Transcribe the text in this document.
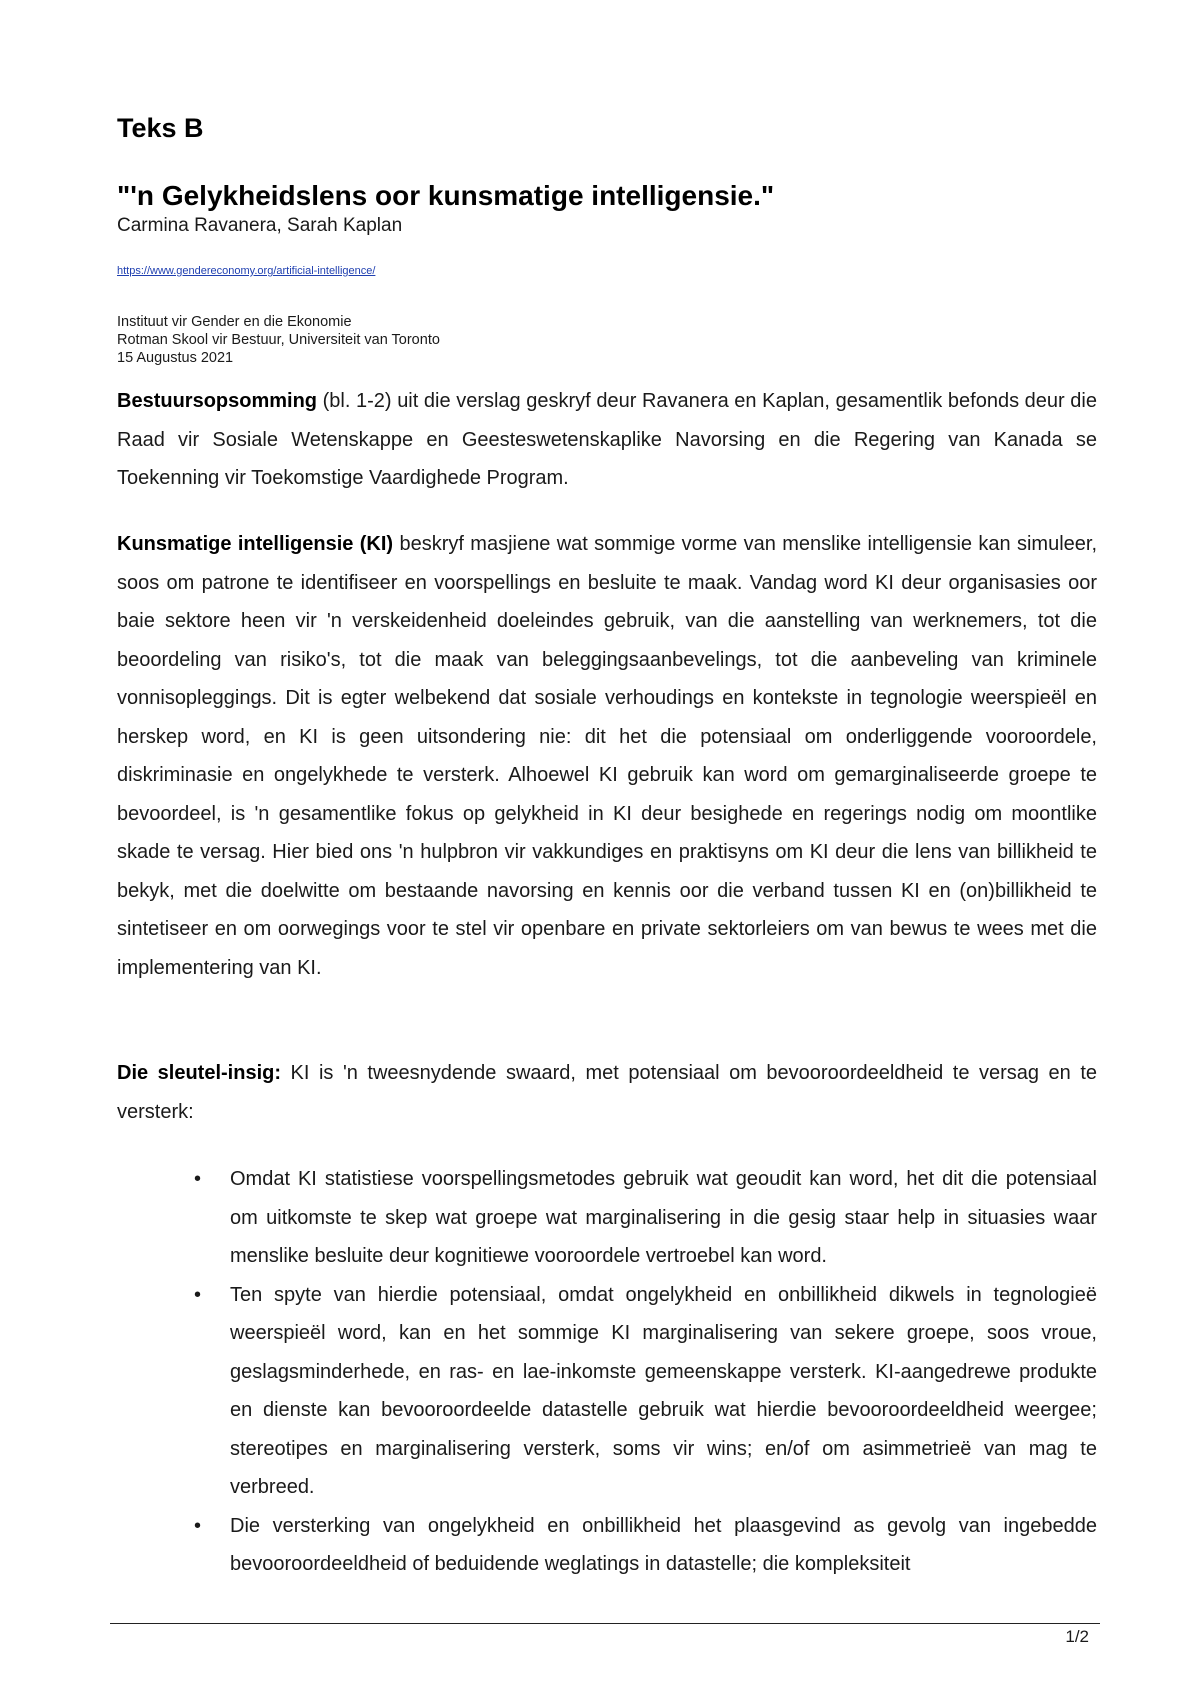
Teks B
"'n Gelykheidslens oor kunsmatige intelligensie."
Carmina Ravanera, Sarah Kaplan
https://www.gendereconomy.org/artificial-intelligence/
Instituut vir Gender en die Ekonomie
Rotman Skool vir Bestuur, Universiteit van Toronto
15 Augustus 2021
Bestuursopsomming (bl. 1-2) uit die verslag geskryf deur Ravanera en Kaplan, gesamentlik befonds deur die Raad vir Sosiale Wetenskappe en Geesteswetenskaplike Navorsing en die Regering van Kanada se Toekenning vir Toekomstige Vaardighede Program.
Kunsmatige intelligensie (KI) beskryf masjiene wat sommige vorme van menslike intelligensie kan simuleer, soos om patrone te identifiseer en voorspellings en besluite te maak. Vandag word KI deur organisasies oor baie sektore heen vir 'n verskeidenheid doeleindes gebruik, van die aanstelling van werknemers, tot die beoordeling van risiko's, tot die maak van beleggingsaanbevelings, tot die aanbeveling van kriminele vonnisopleggings. Dit is egter welbekend dat sosiale verhoudings en kontekste in tegnologie weerspieël en herskep word, en KI is geen uitsondering nie: dit het die potensiaal om onderliggende vooroordele, diskriminasie en ongelykhede te versterk. Alhoewel KI gebruik kan word om gemarginaliseerde groepe te bevoordeel, is 'n gesamentlike fokus op gelykheid in KI deur besighede en regerings nodig om moontlike skade te versag. Hier bied ons 'n hulpbron vir vakkundiges en praktisyns om KI deur die lens van billikheid te bekyk, met die doelwitte om bestaande navorsing en kennis oor die verband tussen KI en (on)billikheid te sintetiseer en om oorwegings voor te stel vir openbare en private sektorleiers om van bewus te wees met die implementering van KI.
Die sleutel-insig: KI is 'n tweesnydende swaard, met potensiaal om bevooroordeeldheid te versag en te versterk:
• Omdat KI statistiese voorspellingsmetodes gebruik wat geoudit kan word, het dit die potensiaal om uitkomste te skep wat groepe wat marginalisering in die gesig staar help in situasies waar menslike besluite deur kognitiewe vooroordele vertroebel kan word.
• Ten spyte van hierdie potensiaal, omdat ongelykheid en onbillikheid dikwels in tegnologieë weerspieël word, kan en het sommige KI marginalisering van sekere groepe, soos vroue, geslagsminderhede, en ras- en lae-inkomste gemeenskappe versterk. KI-aangedrewe produkte en dienste kan bevooroordeelde datastelle gebruik wat hierdie bevooroordeeldheid weergee; stereotipes en marginalisering versterk, soms vir wins; en/of om asimmetrieë van mag te verbreed.
• Die versterking van ongelykheid en onbillikheid het plaasgevind as gevolg van ingebedde bevooroordeeldheid of beduidende weglatings in datastelle; die kompleksiteit
1/2
